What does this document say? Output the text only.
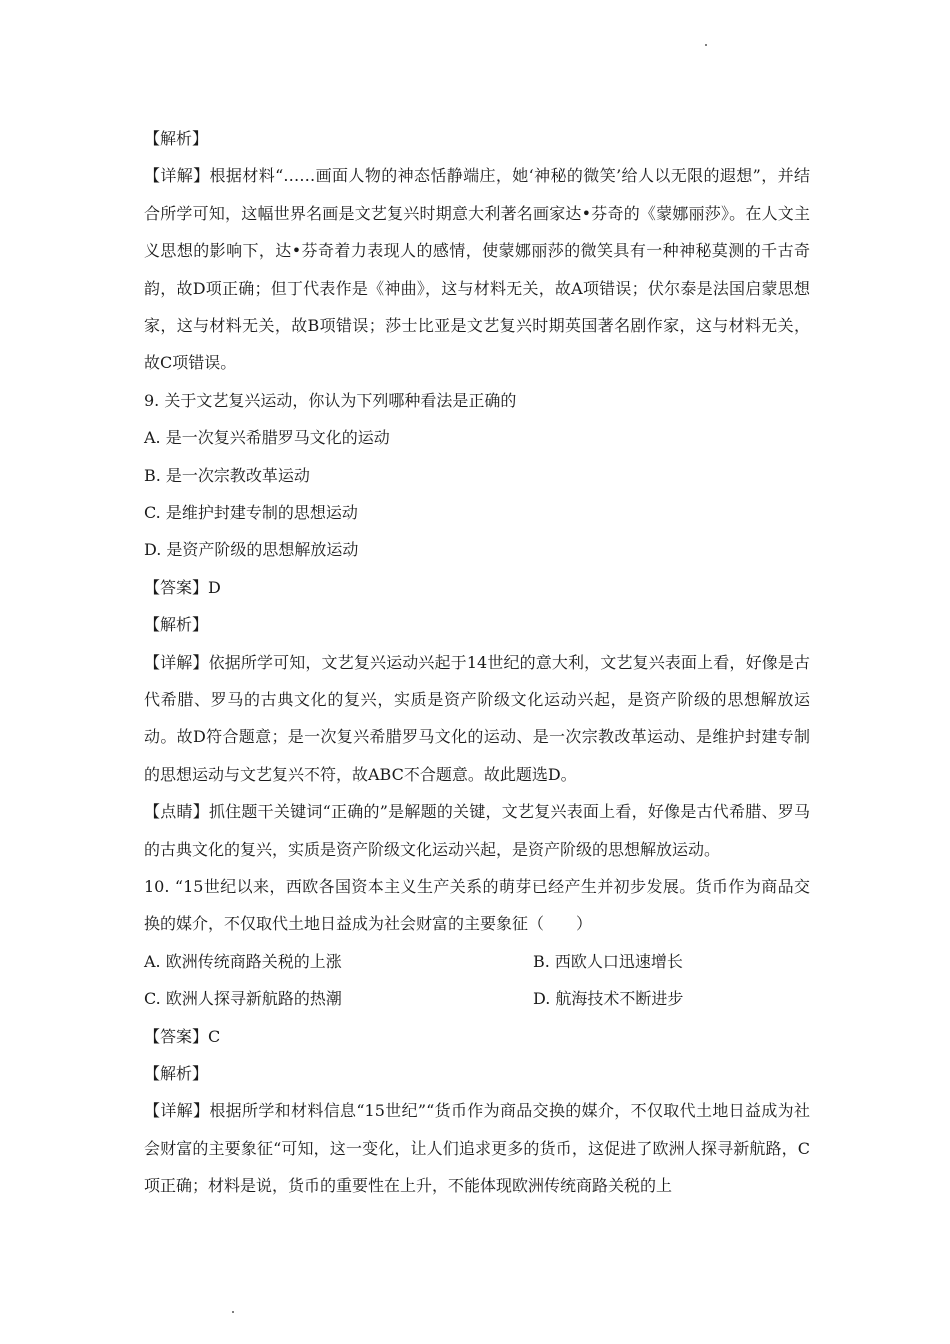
【解析】

【详解】根据材料“……画面人物的神态恬静端庄，她‘神秘的微笑’给人以无限的遐想”，并结合所学可知，这幅世界名画是文艺复兴时期意大利著名画家达•芬奇的《蒙娜丽莎》。在人文主义思想的影响下，达•芬奇着力表现人的感情，使蒙娜丽莎的微笑具有一种神秘莫测的千古奇韵，故D项正确；但丁代表作是《神曲》，这与材料无关，故A项错误；伏尔泰是法国启蒙思想家，这与材料无关，故B项错误；莎士比亚是文艺复兴时期英国著名剧作家，这与材料无关，故C项错误。

9. 关于文艺复兴运动，你认为下列哪种看法是正确的

A. 是一次复兴希腊罗马文化的运动

B. 是一次宗教改革运动

C. 是维护封建专制的思想运动

D. 是资产阶级的思想解放运动

【答案】D

【解析】

【详解】依据所学可知，文艺复兴运动兴起于14世纪的意大利，文艺复兴表面上看，好像是古代希腊、罗马的古典文化的复兴，实质是资产阶级文化运动兴起，是资产阶级的思想解放运动。故D符合题意；是一次复兴希腊罗马文化的运动、是一次宗教改革运动、是维护封建专制的思想运动与文艺复兴不符，故ABC不合题意。故此题选D。

【点睛】抓住题干关键词“正确的”是解题的关键，文艺复兴表面上看，好像是古代希腊、罗马的古典文化的复兴，实质是资产阶级文化运动兴起，是资产阶级的思想解放运动。

10. “15世纪以来，西欧各国资本主义生产关系的萌芽已经产生并初步发展。货币作为商品交换的媒介，不仅取代土地日益成为社会财富的主要象征（　　）

A. 欧洲传统商路关税的上涨	B. 西欧人口迅速增长
C. 欧洲人探寻新航路的热潮	D. 航海技术不断进步

【答案】C

【解析】

【详解】根据所学和材料信息“15世纪”“货币作为商品交换的媒介，不仅取代土地日益成为社会财富的主要象征“可知，这一变化，让人们追求更多的货币，这促进了欧洲人探寻新航路，C项正确；材料是说，货币的重要性在上升，不能体现欧洲传统商路关税的上
